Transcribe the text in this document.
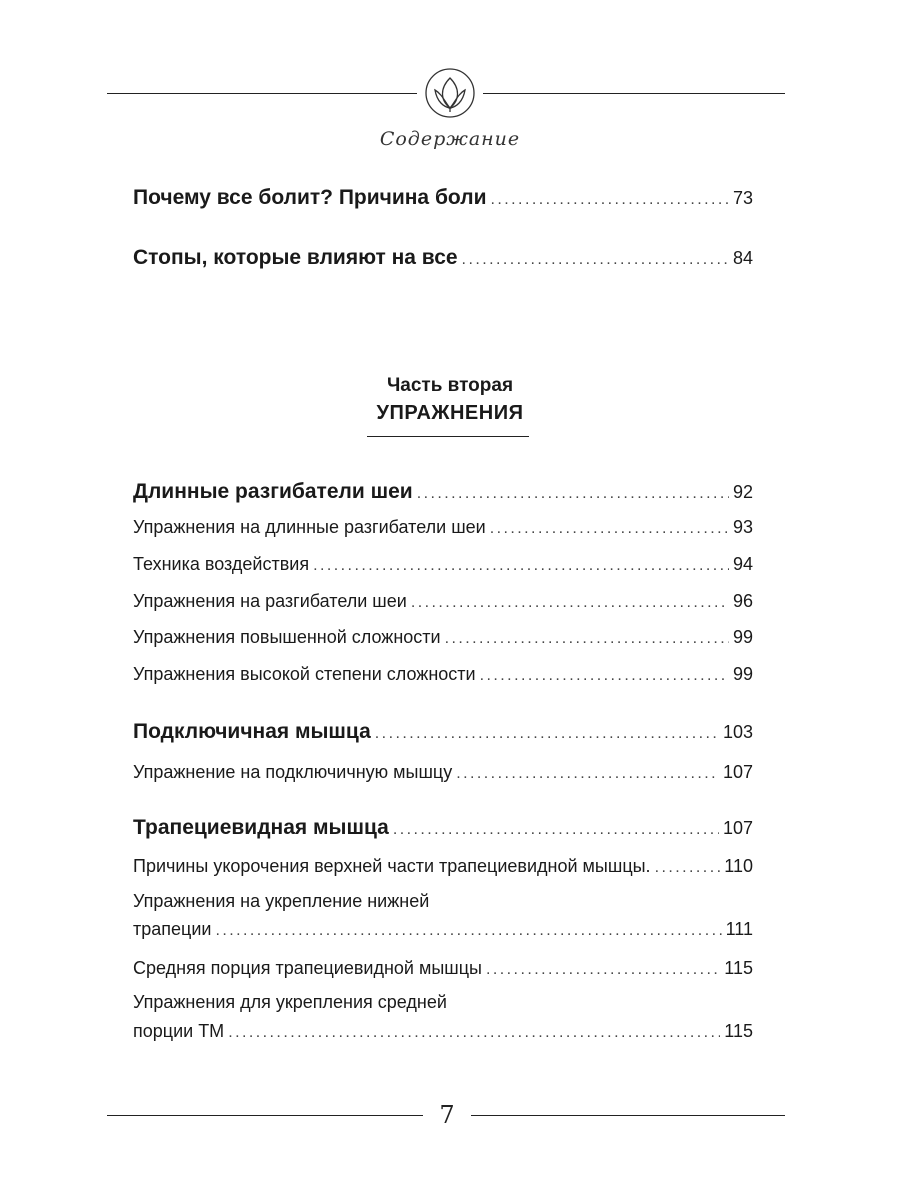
Содержание
Почему все болит? Причина боли . . .	73
Стопы, которые влияют на все . . .	84
Часть вторая
УПРАЖНЕНИЯ
Длинные разгибатели шеи . . .	92
Упражнения на длинные разгибатели шеи . . .	93
Техника воздействия . . .	94
Упражнения на разгибатели шеи . . .	96
Упражнения повышенной сложности . . .	99
Упражнения высокой степени сложности . . .	99
Подключичная мышца . . .	103
Упражнение на подключичную мышцу . . .	107
Трапециевидная мышца . . .	107
Причины укорочения верхней части трапециевидной мышцы. . . .	110
Упражнения на укрепление нижней
трапеции . . .	111
Средняя порция трапециевидной мышцы . . .	115
Упражнения для укрепления средней
порции ТМ . . .	115
7
